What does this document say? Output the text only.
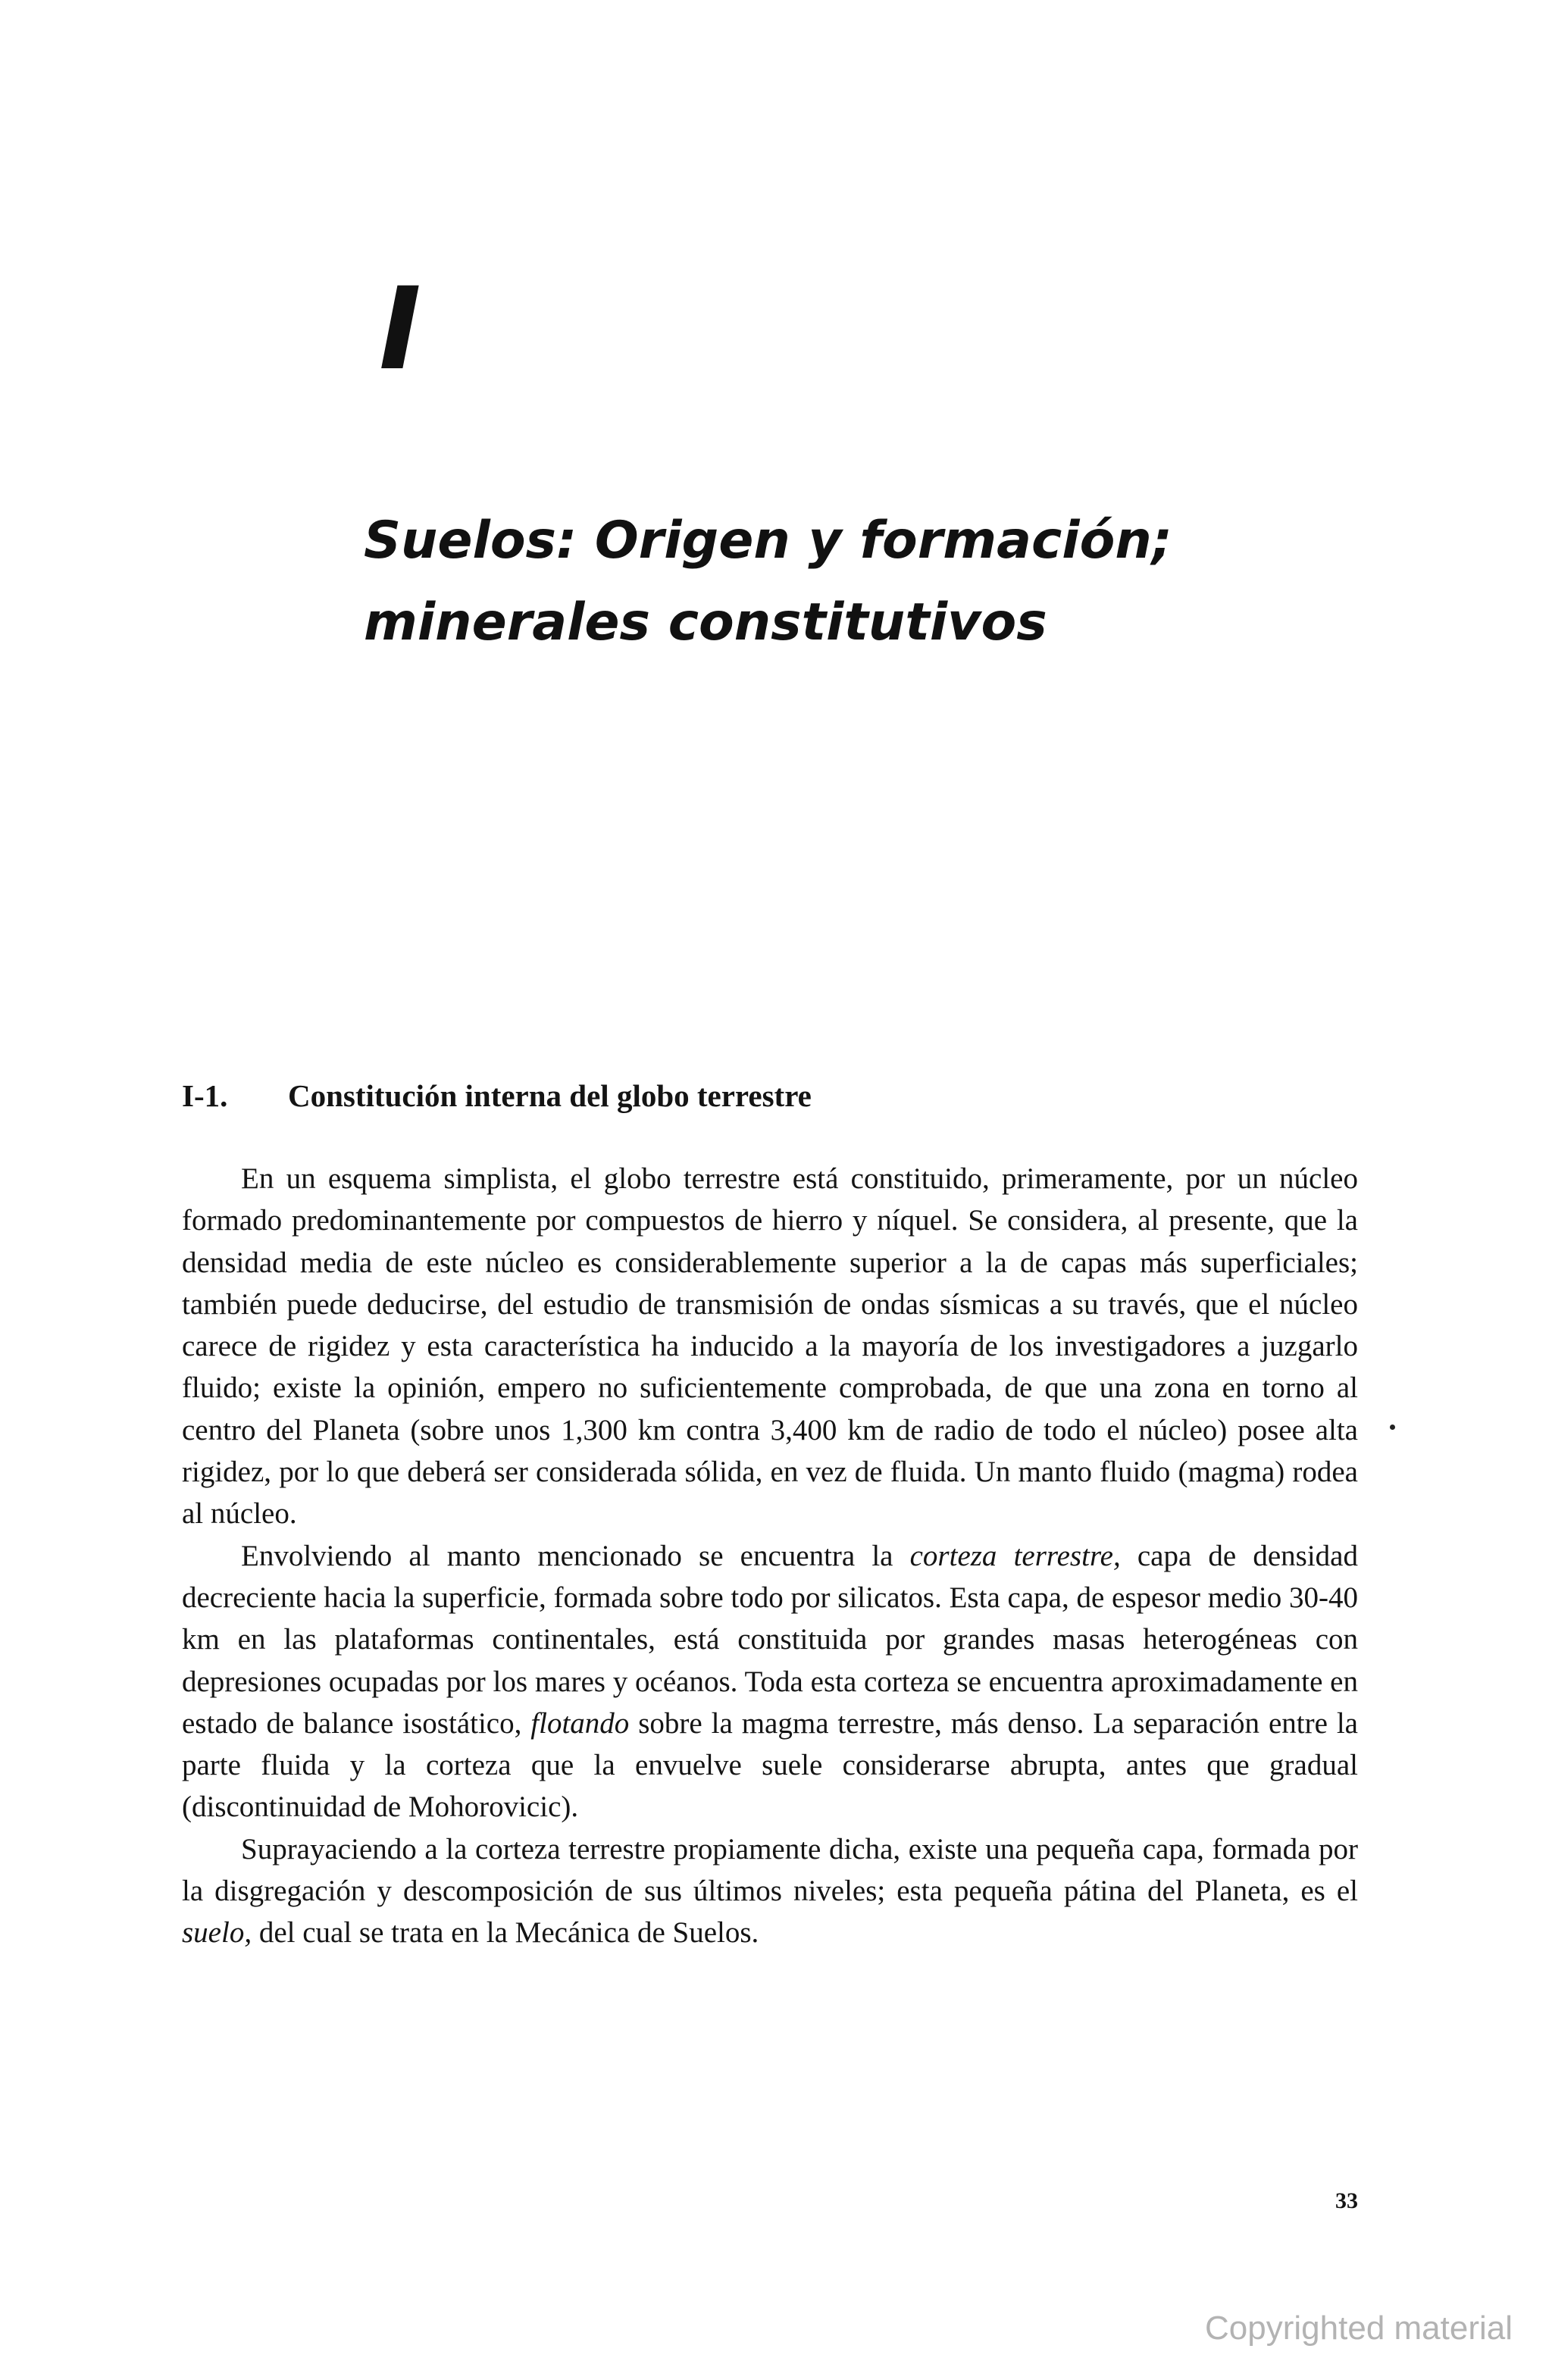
I
Suelos: Origen y formación;
minerales constitutivos
I-1. Constitución interna del globo terrestre

En un esquema simplista, el globo terrestre está constituido, primeramente, por un núcleo formado predominantemente por compuestos de hierro y níquel. Se considera, al presente, que la densidad media de este núcleo es considerablemente superior a la de capas más superficiales; también puede deducirse, del estudio de transmisión de ondas sísmicas a su través, que el núcleo carece de rigidez y esta característica ha inducido a la mayoría de los investigadores a juzgarlo fluido; existe la opinión, empero no suficientemente comprobada, de que una zona en torno al centro del Planeta (sobre unos 1,300 km contra 3,400 km de radio de todo el núcleo) posee alta rigidez, por lo que deberá ser considerada sólida, en vez de fluida. Un manto fluido (magma) rodea al núcleo.

Envolviendo al manto mencionado se encuentra la corteza terrestre, capa de densidad decreciente hacia la superficie, formada sobre todo por silicatos. Esta capa, de espesor medio 30-40 km en las plataformas continentales, está constituida por grandes masas heterogéneas con depresiones ocupadas por los mares y océanos. Toda esta corteza se encuentra aproximadamente en estado de balance isostático, flotando sobre la magma terrestre, más denso. La separación entre la parte fluida y la corteza que la envuelve suele considerarse abrupta, antes que gradual (discontinuidad de Mohorovicic).

Suprayaciendo a la corteza terrestre propiamente dicha, existe una pequeña capa, formada por la disgregación y descomposición de sus últimos niveles; esta pequeña pátina del Planeta, es el suelo, del cual se trata en la Mecánica de Suelos.

33
Copyrighted material
